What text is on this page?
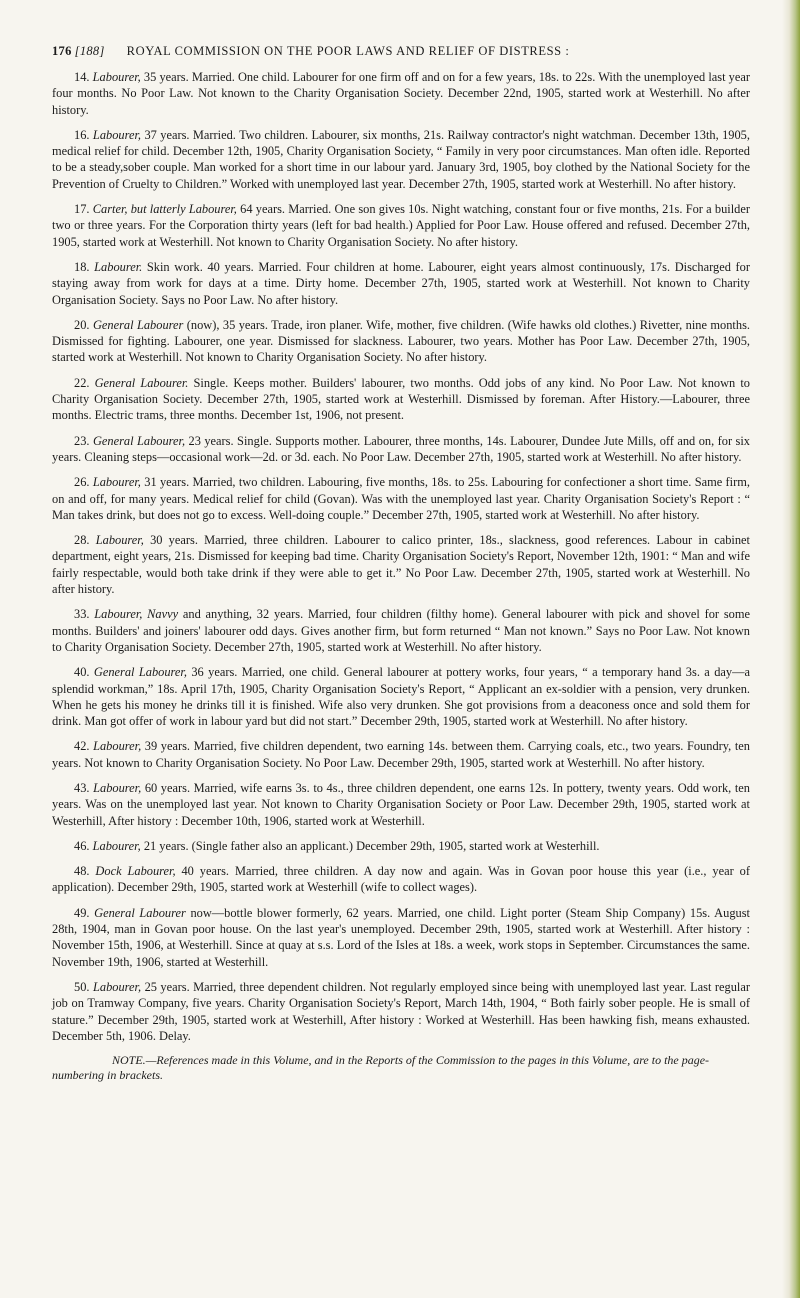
176 [188] ROYAL COMMISSION ON THE POOR LAWS AND RELIEF OF DISTRESS :

14. Labourer, 35 years. Married. One child. Labourer for one firm off and on for a few years, 18s. to 22s. With the unemployed last year four months. No Poor Law. Not known to the Charity Organisation Society. December 22nd, 1905, started work at Westerhill. No after history.

16. Labourer, 37 years. Married. Two children. Labourer, six months, 21s. Railway contractor's night watchman. December 13th, 1905, medical relief for child. December 12th, 1905, Charity Organisation Society, “ Family in very poor circumstances. Man often idle. Reported to be a steady,sober couple. Man worked for a short time in our labour yard. January 3rd, 1905, boy clothed by the National Society for the Prevention of Cruelty to Children.” Worked with unemployed last year. December 27th, 1905, started work at Westerhill. No after history.

17. Carter, but latterly Labourer, 64 years. Married. One son gives 10s. Night watching, constant four or five months, 21s. For a builder two or three years. For the Corporation thirty years (left for bad health.) Applied for Poor Law. House offered and refused. December 27th, 1905, started work at Westerhill. Not known to Charity Organisation Society. No after history.

18. Labourer. Skin work. 40 years. Married. Four children at home. Labourer, eight years almost continuously, 17s. Discharged for staying away from work for days at a time. Dirty home. December 27th, 1905, started work at Westerhill. Not known to Charity Organisation Society. Says no Poor Law. No after history.

20. General Labourer (now), 35 years. Trade, iron planer. Wife, mother, five children. (Wife hawks old clothes.) Rivetter, nine months. Dismissed for fighting. Labourer, one year. Dismissed for slackness. Labourer, two years. Mother has Poor Law. December 27th, 1905, started work at Westerhill. Not known to Charity Organisation Society. No after history.

22. General Labourer. Single. Keeps mother. Builders' labourer, two months. Odd jobs of any kind. No Poor Law. Not known to Charity Organisation Society. December 27th, 1905, started work at Westerhill. Dismissed by foreman. After History.—Labourer, three months. Electric trams, three months. December 1st, 1906, not present.

23. General Labourer, 23 years. Single. Supports mother. Labourer, three months, 14s. Labourer, Dundee Jute Mills, off and on, for six years. Cleaning steps—occasional work—2d. or 3d. each. No Poor Law. December 27th, 1905, started work at Westerhill. No after history.

26. Labourer, 31 years. Married, two children. Labouring, five months, 18s. to 25s. Labouring for confectioner a short time. Same firm, on and off, for many years. Medical relief for child (Govan). Was with the unemployed last year. Charity Organisation Society's Report : “ Man takes drink, but does not go to excess. Well-doing couple.” December 27th, 1905, started work at Westerhill. No after history.

28. Labourer, 30 years. Married, three children. Labourer to calico printer, 18s., slackness, good references. Labour in cabinet department, eight years, 21s. Dismissed for keeping bad time. Charity Organisation Society's Report, November 12th, 1901: “ Man and wife fairly respectable, would both take drink if they were able to get it.” No Poor Law. December 27th, 1905, started work at Westerhill. No after history.

33. Labourer, Navvy and anything, 32 years. Married, four children (filthy home). General labourer with pick and shovel for some months. Builders' and joiners' labourer odd days. Gives another firm, but form returned “ Man not known.” Says no Poor Law. Not known to Charity Organisation Society. December 27th, 1905, started work at Westerhill. No after history.

40. General Labourer, 36 years. Married, one child. General labourer at pottery works, four years, “ a temporary hand 3s. a day—a splendid workman,” 18s. April 17th, 1905, Charity Organisation Society's Report, “ Applicant an ex-soldier with a pension, very drunken. When he gets his money he drinks till it is finished. Wife also very drunken. She got provisions from a deaconess once and sold them for drink. Man got offer of work in labour yard but did not start.” December 29th, 1905, started work at Westerhill. No after history.

42. Labourer, 39 years. Married, five children dependent, two earning 14s. between them. Carrying coals, etc., two years. Foundry, ten years. Not known to Charity Organisation Society. No Poor Law. December 29th, 1905, started work at Westerhill. No after history.

43. Labourer, 60 years. Married, wife earns 3s. to 4s., three children dependent, one earns 12s. In pottery, twenty years. Odd work, ten years. Was on the unemployed last year. Not known to Charity Organisation Society or Poor Law. December 29th, 1905, started work at Westerhill, After history : December 10th, 1906, started work at Westerhill.

46. Labourer, 21 years. (Single father also an applicant.) December 29th, 1905, started work at Westerhill.

48. Dock Labourer, 40 years. Married, three children. A day now and again. Was in Govan poor house this year (i.e., year of application). December 29th, 1905, started work at Westerhill (wife to collect wages).

49. General Labourer now—bottle blower formerly, 62 years. Married, one child. Light porter (Steam Ship Company) 15s. August 28th, 1904, man in Govan poor house. On the last year's unemployed. December 29th, 1905, started work at Westerhill. After history : November 15th, 1906, at Westerhill. Since at quay at s.s. Lord of the Isles at 18s. a week, work stops in September. Circumstances the same. November 19th, 1906, started at Westerhill.

50. Labourer, 25 years. Married, three dependent children. Not regularly employed since being with unemployed last year. Last regular job on Tramway Company, five years. Charity Organisation Society's Report, March 14th, 1904, “ Both fairly sober people. He is small of stature.” December 29th, 1905, started work at Westerhill, After history : Worked at Westerhill. Has been hawking fish, means exhausted. December 5th, 1906. Delay.

NOTE.—References made in this Volume, and in the Reports of the Commission to the pages in this Volume, are to the page-numbering in brackets.
